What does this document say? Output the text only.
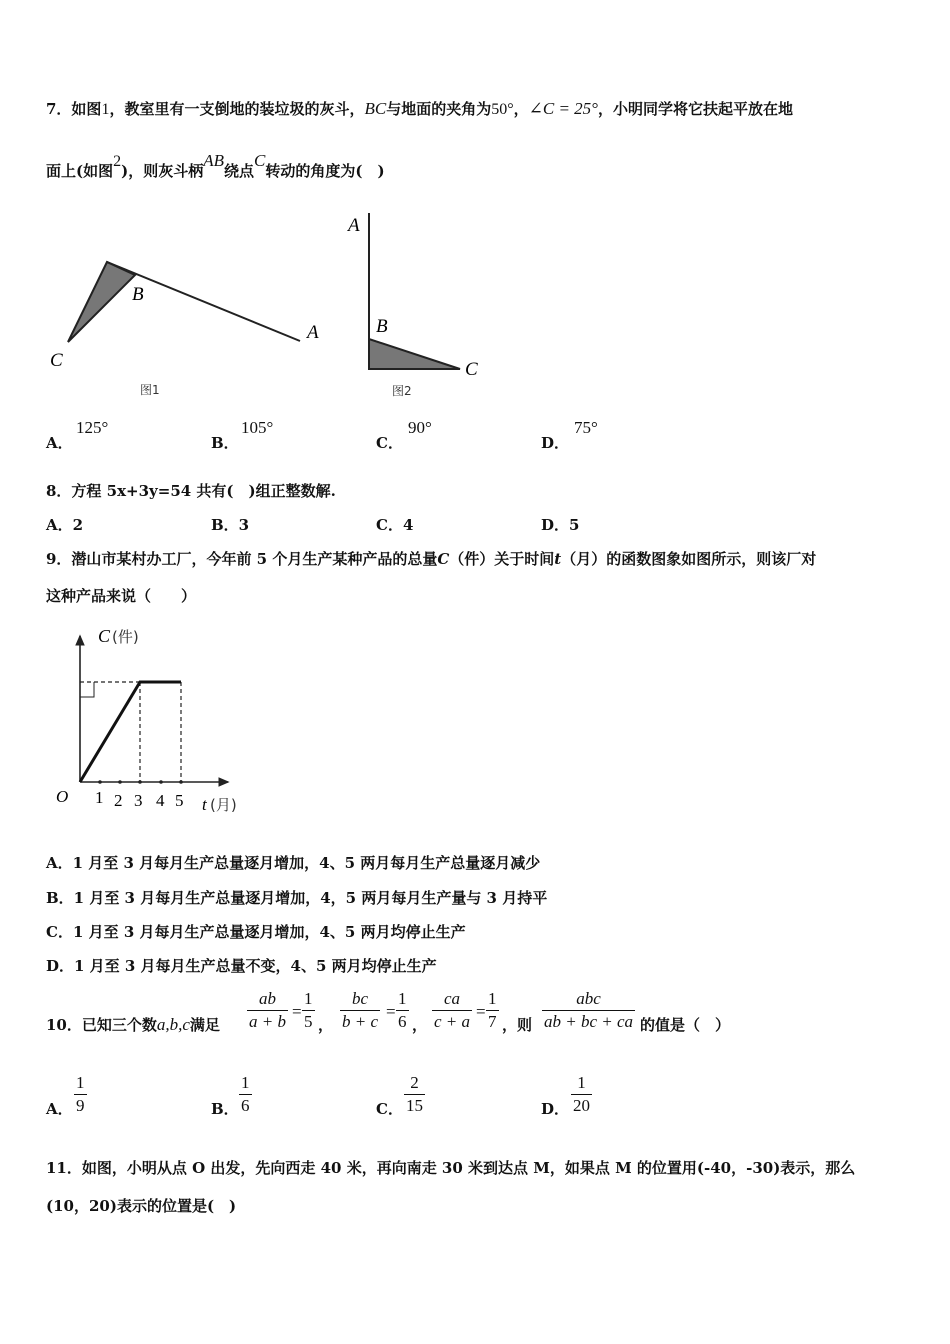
7．如图1，教室里有一支倒地的装垃圾的灰斗，BC与地面的夹角为50°，∠C = 25°，小明同学将它扶起平放在地
面上(如图2)，则灰斗柄AB绕点C转动的角度为(　)
B
A
C
图1
A
B
C
图2
A．
125°
B．
105°
C．
90°
D．
75°
8．方程 5x+3y=54 共有(　)组正整数解.
A．2	B．3	C．4	D．5
9．潜山市某村办工厂，今年前 5 个月生产某种产品的总量C（件）关于时间t（月）的函数图象如图所示，则该厂对
这种产品来说（　　）
O 1 2 3 4 5
C (件)
t (月)
A．1 月至 3 月每月生产总量逐月增加，4、5 两月每月生产总量逐月减少
B．1 月至 3 月每月生产总量逐月增加，4，5 两月每月生产量与 3 月持平
C．1 月至 3 月每月生产总量逐月增加，4、5 两月均停止生产
D．1 月至 3 月每月生产总量不变，4、5 两月均停止生产
10．已知三个数a,b,c满足 $\frac{ab}{a + b} = \frac{1}{5}$ ， $\frac{bc}{b + c} = \frac{1}{6}$ ， $\frac{ca}{c + a} = \frac{1}{7}$ ，则
abc
ab + bc + ca 的值是（　）
A． $\frac{1}{9}$	B． $\frac{1}{6}$	C． $\frac{2}{15}$	D． $\frac{1}{20}$
11．如图，小明从点 O 出发，先向西走 40 米，再向南走 30 米到达点 M，如果点 M 的位置用(-40，-30)表示，那么
(10，20)表示的位置是(　)
